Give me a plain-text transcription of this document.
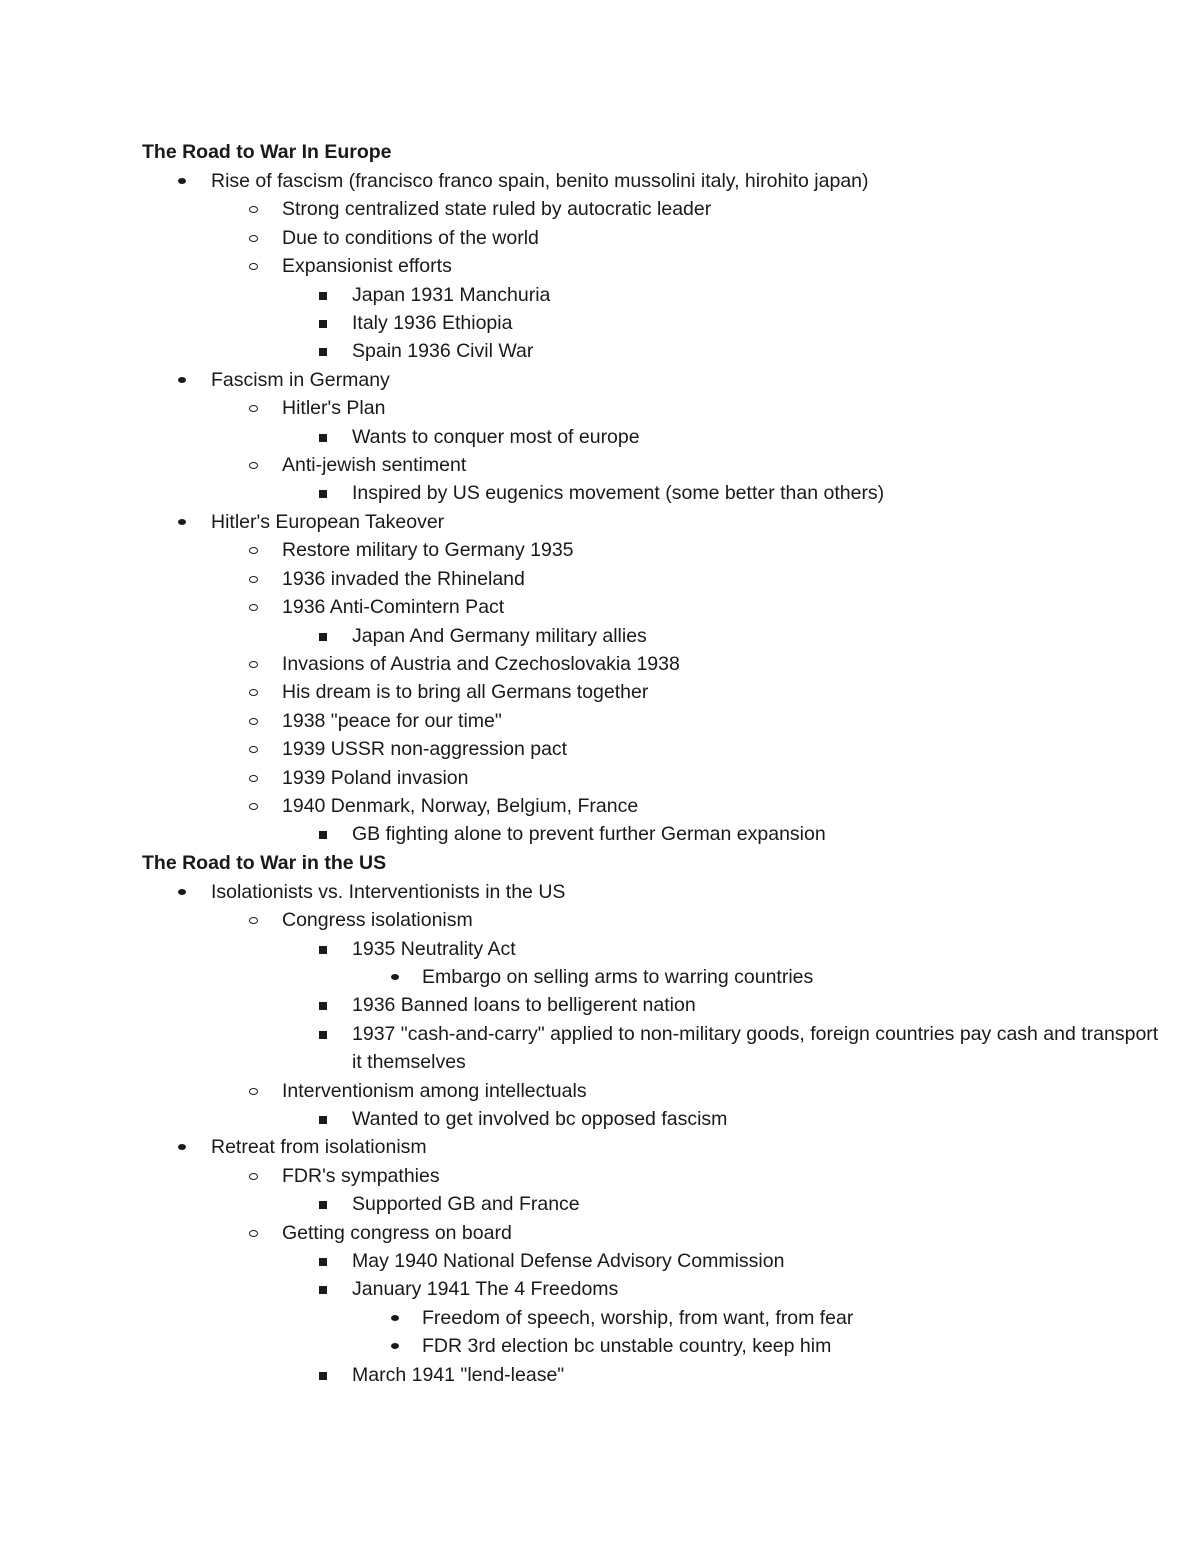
The Road to War In Europe
Rise of fascism (francisco franco spain, benito mussolini italy, hirohito japan)
Strong centralized state ruled by autocratic leader
Due to conditions of the world
Expansionist efforts
Japan 1931 Manchuria
Italy 1936 Ethiopia
Spain 1936 Civil War
Fascism in Germany
Hitler's Plan
Wants to conquer most of europe
Anti-jewish sentiment
Inspired by US eugenics movement (some better than others)
Hitler's European Takeover
Restore military to Germany 1935
1936 invaded the Rhineland
1936 Anti-Comintern Pact
Japan And Germany military allies
Invasions of Austria and Czechoslovakia 1938
His dream is to bring all Germans together
1938 "peace for our time"
1939 USSR non-aggression pact
1939 Poland invasion
1940 Denmark, Norway, Belgium, France
GB fighting alone to prevent further German expansion
The Road to War in the US
Isolationists vs. Interventionists in the US
Congress isolationism
1935 Neutrality Act
Embargo on selling arms to warring countries
1936 Banned loans to belligerent nation
1937 "cash-and-carry" applied to non-military goods, foreign countries pay cash and transport it themselves
Interventionism among intellectuals
Wanted to get involved bc opposed fascism
Retreat from isolationism
FDR's sympathies
Supported GB and France
Getting congress on board
May 1940 National Defense Advisory Commission
January 1941 The 4 Freedoms
Freedom of speech, worship, from want, from fear
FDR 3rd election bc unstable country, keep him
March 1941 "lend-lease"
